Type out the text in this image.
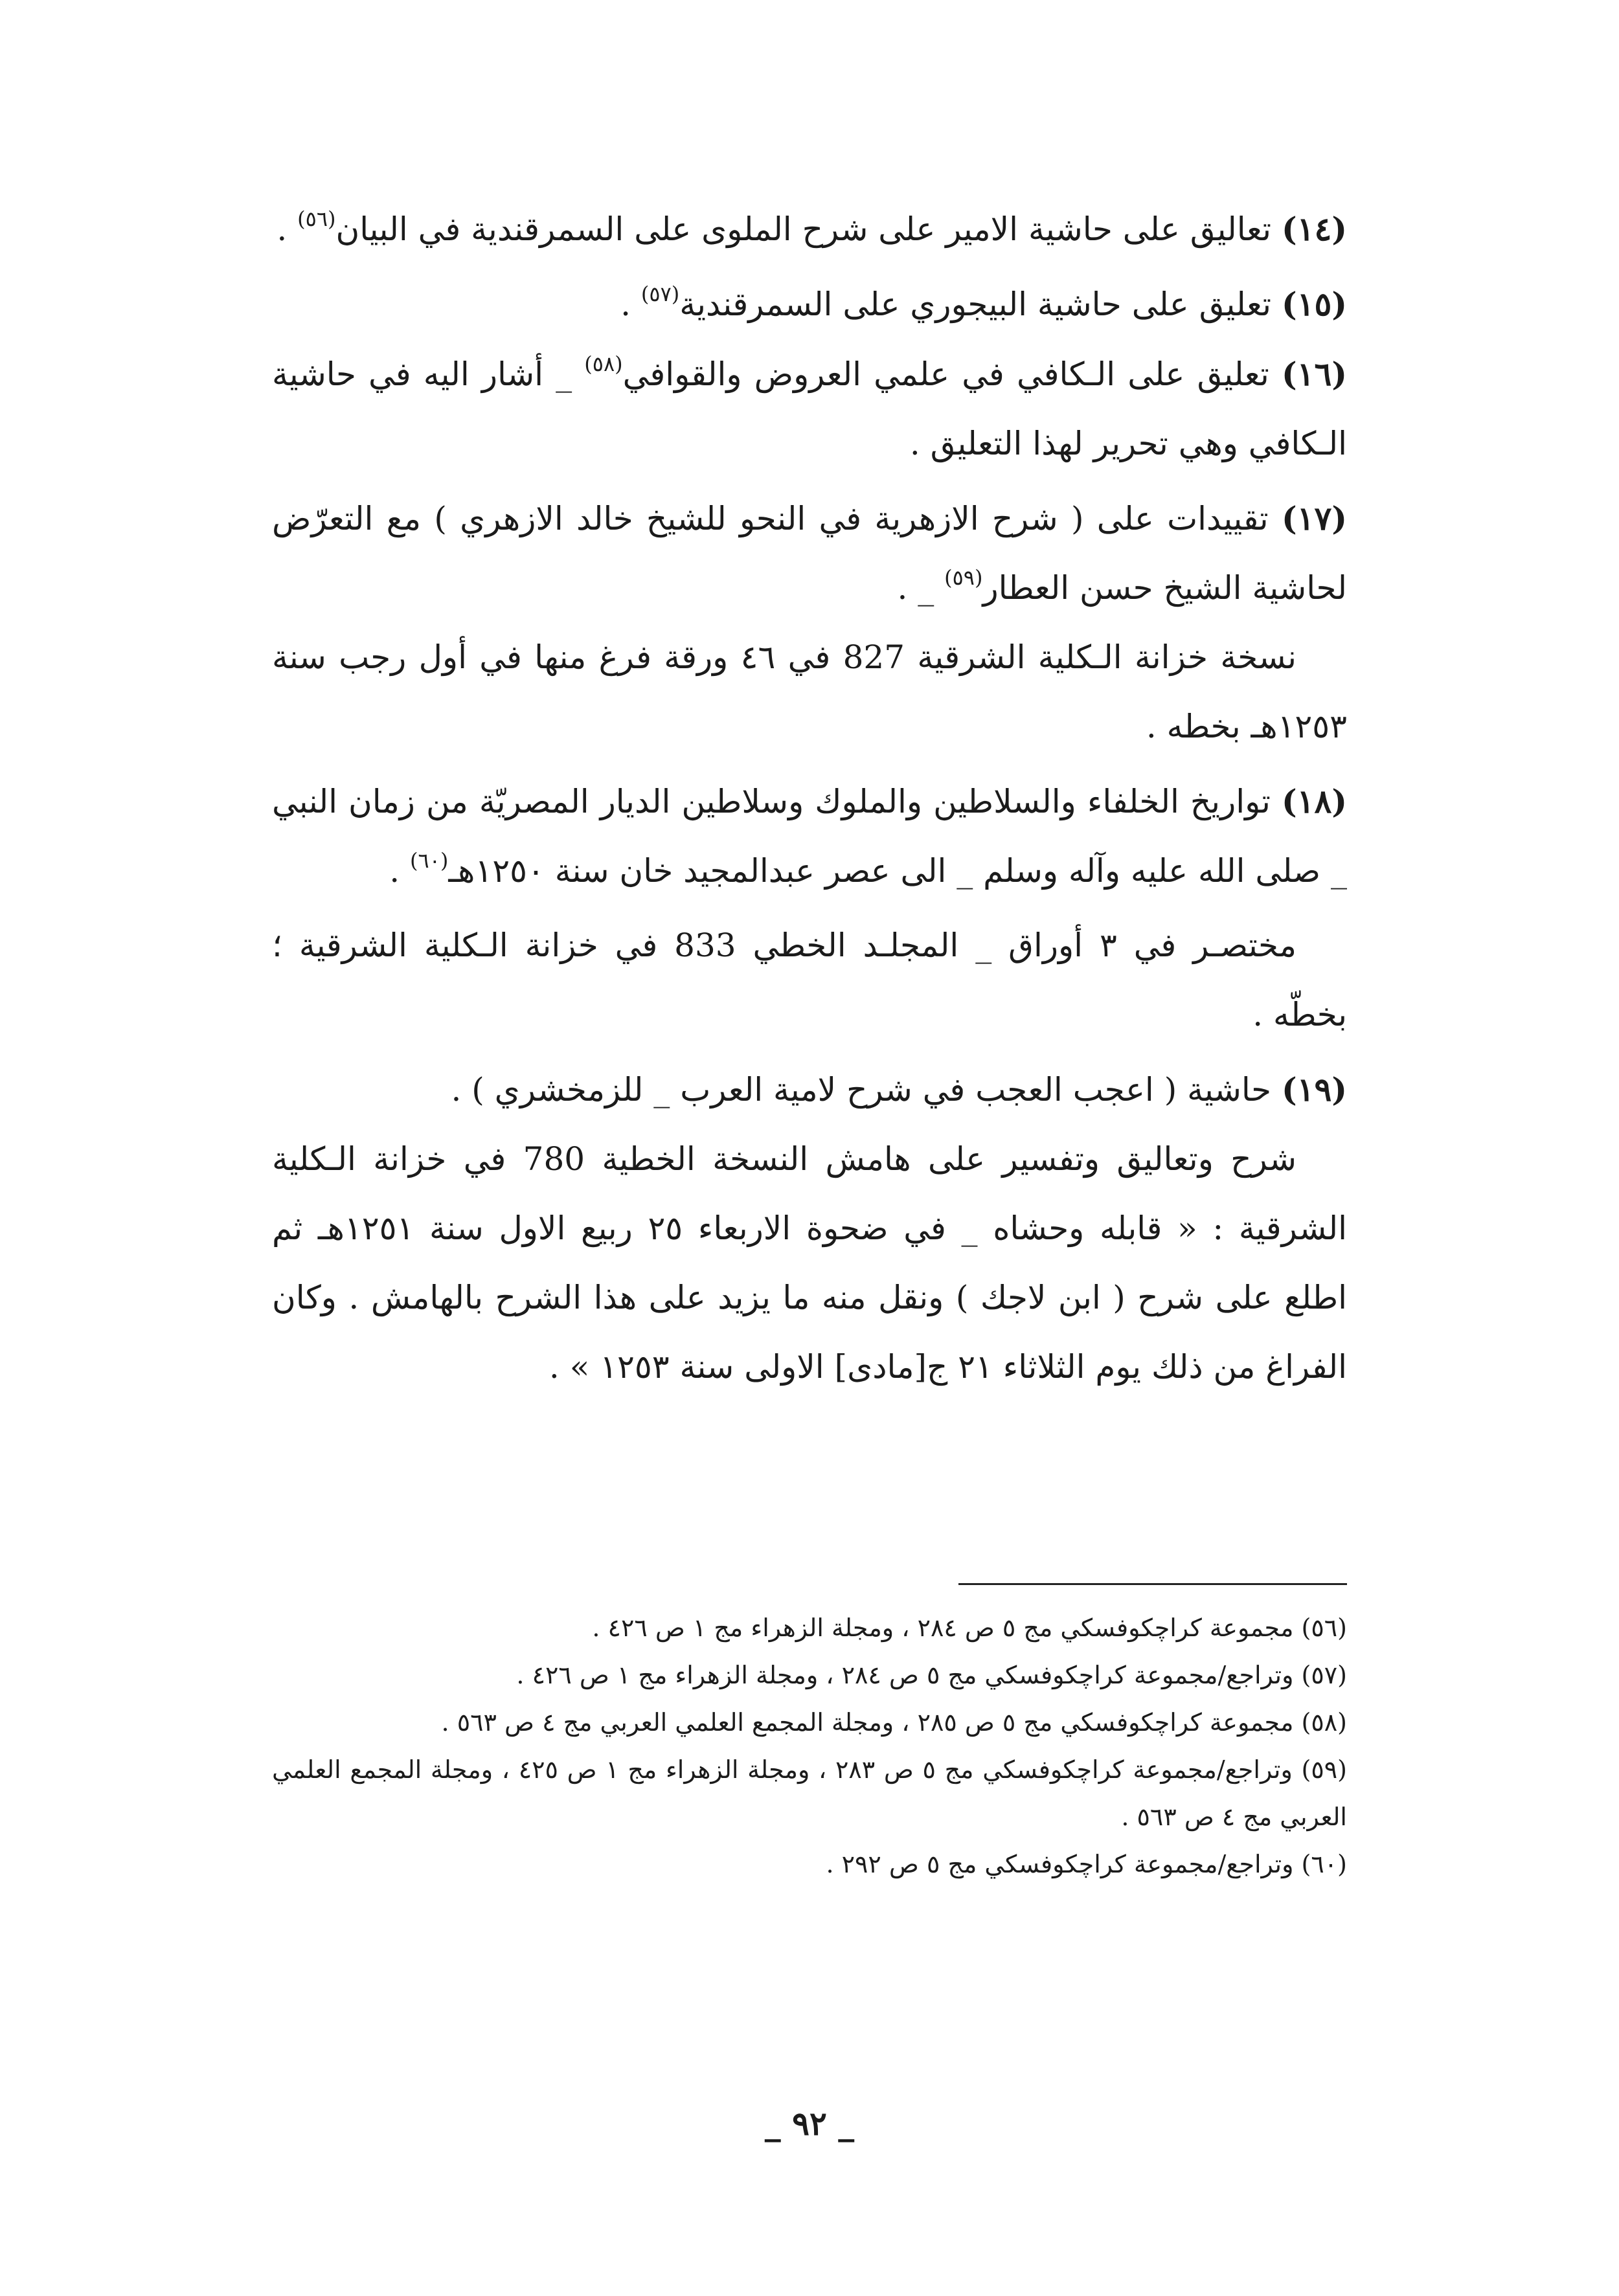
(١٤) تعاليق على حاشية الامير على شرح الملوى على السمرقندية في البيان$^{(٥٦)}$ .

(١٥) تعليق على حاشية البيجوري على السمرقندية$^{(٥٧)}$ .

(١٦) تعليق على الـكافي في علمي العروض والقوافي$^{(٥٨)}$ _ أشار اليه في حاشية الـكافي وهي تحرير لهذا التعليق .

(١٧) تقييدات على ( شرح الازهرية في النحو للشيخ خالد الازهري ) مع التعرّض لحاشية الشيخ حسن العطار$^{(٥٩)}$ _ .

نسخة خزانة الـكلية الشرقية 827 في ٤٦ ورقة فرغ منها في أول رجب سنة ١٢٥٣هـ بخطه .

(١٨) تواريخ الخلفاء والسلاطين والملوك وسلاطين الديار المصريّة من زمان النبي _ صلى الله عليه وآله وسلم _ الى عصر عبدالمجيد خان سنة ١٢٥٠هـ$^{(٦٠)}$ .

مختصـر في ٣ أوراق _ المجلـد الخطي 833 في خزانة الـكلية الشرقية ؛ بخطّه .

(١٩) حاشية ( اعجب العجب في شرح لامية العرب _ للزمخشري ) .

شرح وتعاليق وتفسير على هامش النسخة الخطية 780 في خزانة الـكلية الشرقية : « قابله وحشاه _ في ضحوة الاربعاء ٢٥ ربيع الاول سنة ١٢٥١هـ ثم اطلع على شرح ( ابن لاجك ) ونقل منه ما يزيد على هذا الشرح بالهامش . وكان الفراغ من ذلك يوم الثلاثاء ٢١ ج[مادى] الاولى سنة ١٢٥٣ » .

(٥٦) مجموعة كراچكوفسكي مج ٥ ص ٢٨٤ ، ومجلة الزهراء مج ١ ص ٤٢٦ .

(٥٧) وتراجع/مجموعة كراچكوفسكي مج ٥ ص ٢٨٤ ، ومجلة الزهراء مج ١ ص ٤٢٦ .

(٥٨) مجموعة كراچكوفسكي مج ٥ ص ٢٨٥ ، ومجلة المجمع العلمي العربي مج ٤ ص ٥٦٣ .

(٥٩) وتراجع/مجموعة كراچكوفسكي مج ٥ ص ٢٨٣ ، ومجلة الزهراء مج ١ ص ٤٢٥ ، ومجلة المجمع العلمي العربي مج ٤ ص ٥٦٣ .

(٦٠) وتراجع/مجموعة كراچكوفسكي مج ٥ ص ٢٩٢ .

_ ٩٢ _
